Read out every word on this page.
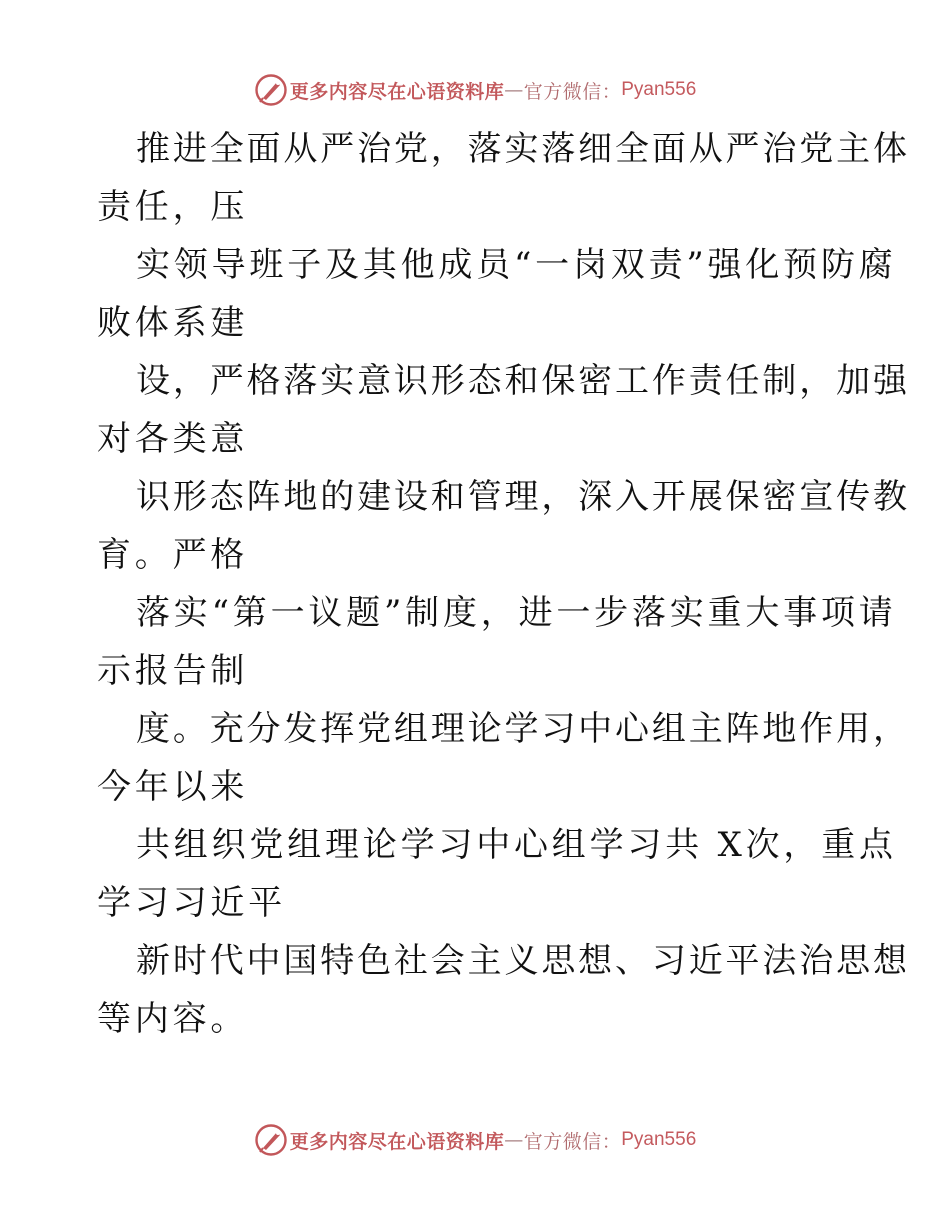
更多内容尽在心语资料库 — 官方微信： Pyan556
推进全面从严治党，落实落细全面从严治党主体
责任，压
实领导班子及其他成员“一岗双责”强化预防腐
败体系建
设，严格落实意识形态和保密工作责任制，加强
对各类意
识形态阵地的建设和管理，深入开展保密宣传教
育。严格
落实“第一议题”制度，进一步落实重大事项请
示报告制
度。充分发挥党组理论学习中心组主阵地作用，
今年以来
共组织党组理论学习中心组学习共 X次，重点
学习习近平
新时代中国特色社会主义思想、习近平法治思想
等内容。
更多内容尽在心语资料库 — 官方微信： Pyan556
